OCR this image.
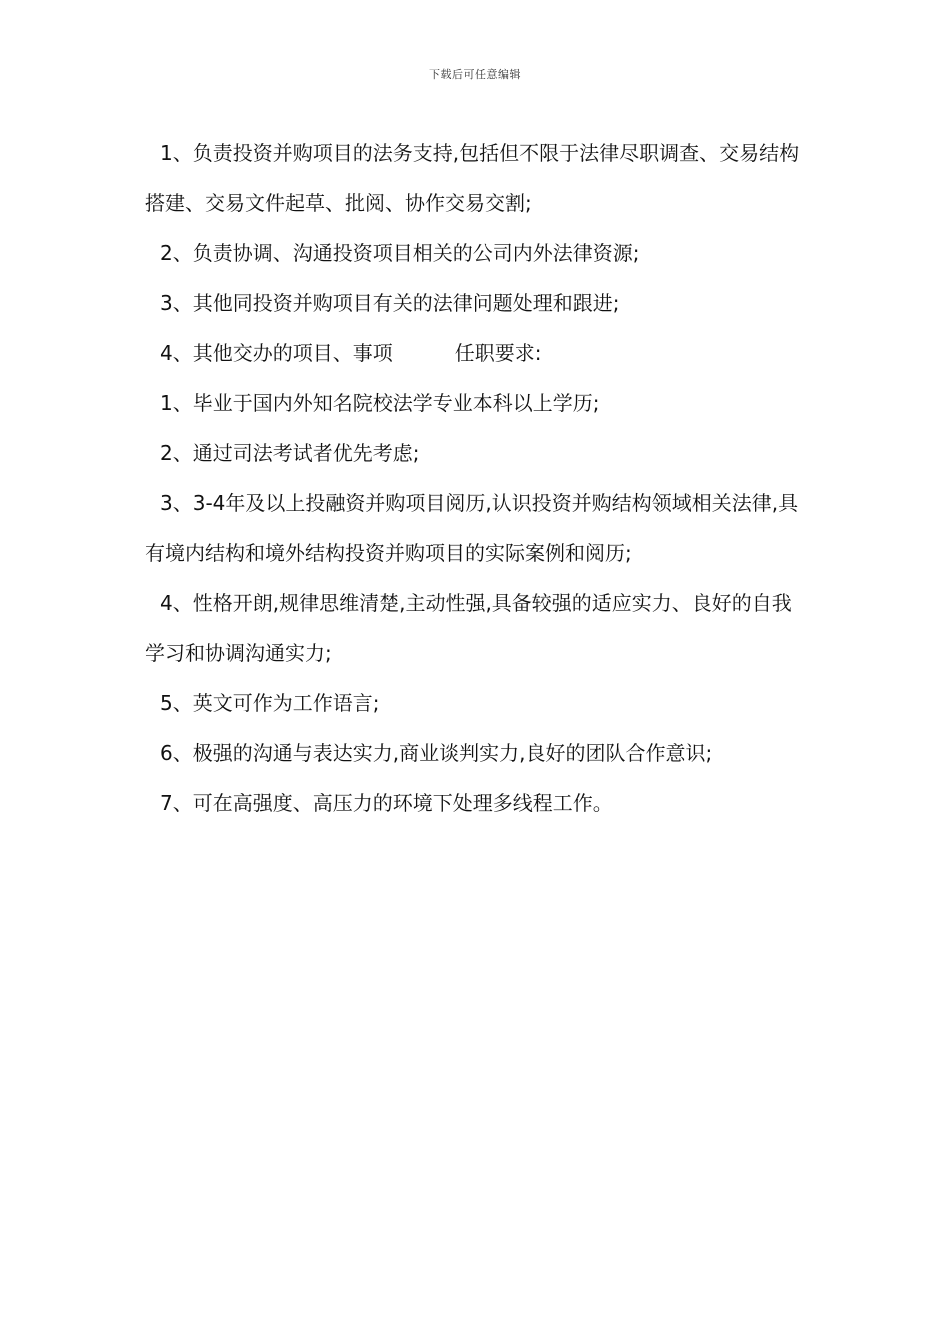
下载后可任意编辑

1、负责投资并购项目的法务支持,包括但不限于法律尽职调查、交易结构搭建、交易文件起草、批阅、协作交易交割;

2、负责协调、沟通投资项目相关的公司内外法律资源;

3、其他同投资并购项目有关的法律问题处理和跟进;

4、其他交办的项目、事项	任职要求:

1、毕业于国内外知名院校法学专业本科以上学历;

2、通过司法考试者优先考虑;

3、3-4年及以上投融资并购项目阅历,认识投资并购结构领域相关法律,具有境内结构和境外结构投资并购项目的实际案例和阅历;

4、性格开朗,规律思维清楚,主动性强,具备较强的适应实力、良好的自我学习和协调沟通实力;

5、英文可作为工作语言;

6、极强的沟通与表达实力,商业谈判实力,良好的团队合作意识;

7、可在高强度、高压力的环境下处理多线程工作。
